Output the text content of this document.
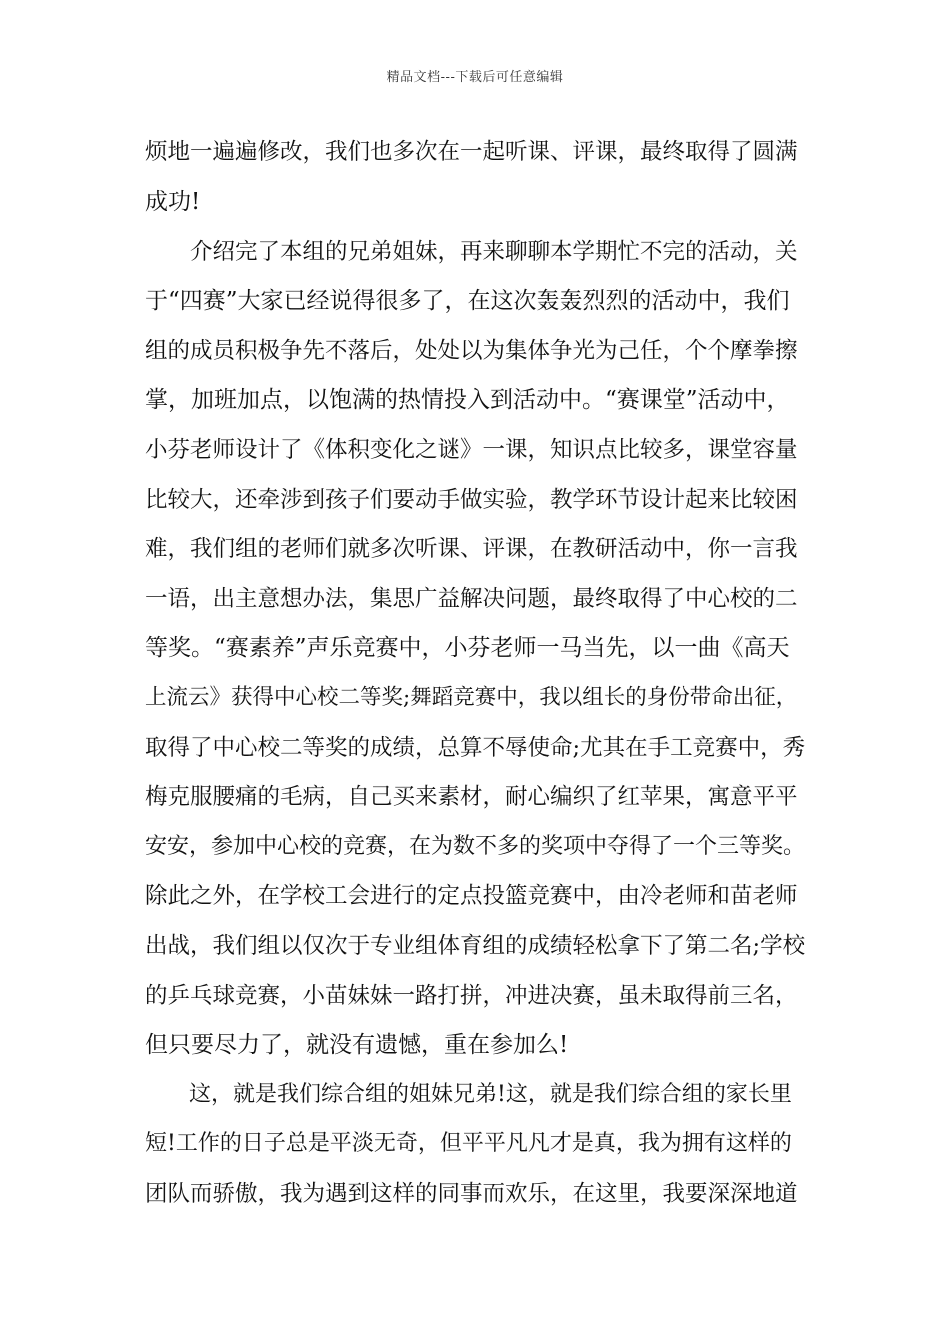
精品文档---下载后可任意编辑
烦地一遍遍修改，我们也多次在一起听课、评课，最终取得了圆满
成功!
　　介绍完了本组的兄弟姐妹，再来聊聊本学期忙不完的活动，关
于“四赛”大家已经说得很多了，在这次轰轰烈烈的活动中，我们
组的成员积极争先不落后，处处以为集体争光为己任，个个摩拳擦
掌，加班加点，以饱满的热情投入到活动中。“赛课堂”活动中，
小芬老师设计了《体积变化之谜》一课，知识点比较多，课堂容量
比较大，还牵涉到孩子们要动手做实验，教学环节设计起来比较困
难，我们组的老师们就多次听课、评课，在教研活动中，你一言我
一语，出主意想办法，集思广益解决问题，最终取得了中心校的二
等奖。“赛素养”声乐竞赛中，小芬老师一马当先，以一曲《高天
上流云》获得中心校二等奖;舞蹈竞赛中，我以组长的身份带命出征，
取得了中心校二等奖的成绩，总算不辱使命;尤其在手工竞赛中，秀
梅克服腰痛的毛病，自己买来素材，耐心编织了红苹果，寓意平平
安安，参加中心校的竞赛，在为数不多的奖项中夺得了一个三等奖。
除此之外，在学校工会进行的定点投篮竞赛中，由冷老师和苗老师
出战，我们组以仅次于专业组体育组的成绩轻松拿下了第二名;学校
的乒乓球竞赛，小苗妹妹一路打拼，冲进决赛，虽未取得前三名，
但只要尽力了，就没有遗憾，重在参加么!
　　这，就是我们综合组的姐妹兄弟!这，就是我们综合组的家长里
短!工作的日子总是平淡无奇，但平平凡凡才是真，我为拥有这样的
团队而骄傲，我为遇到这样的同事而欢乐，在这里，我要深深地道
